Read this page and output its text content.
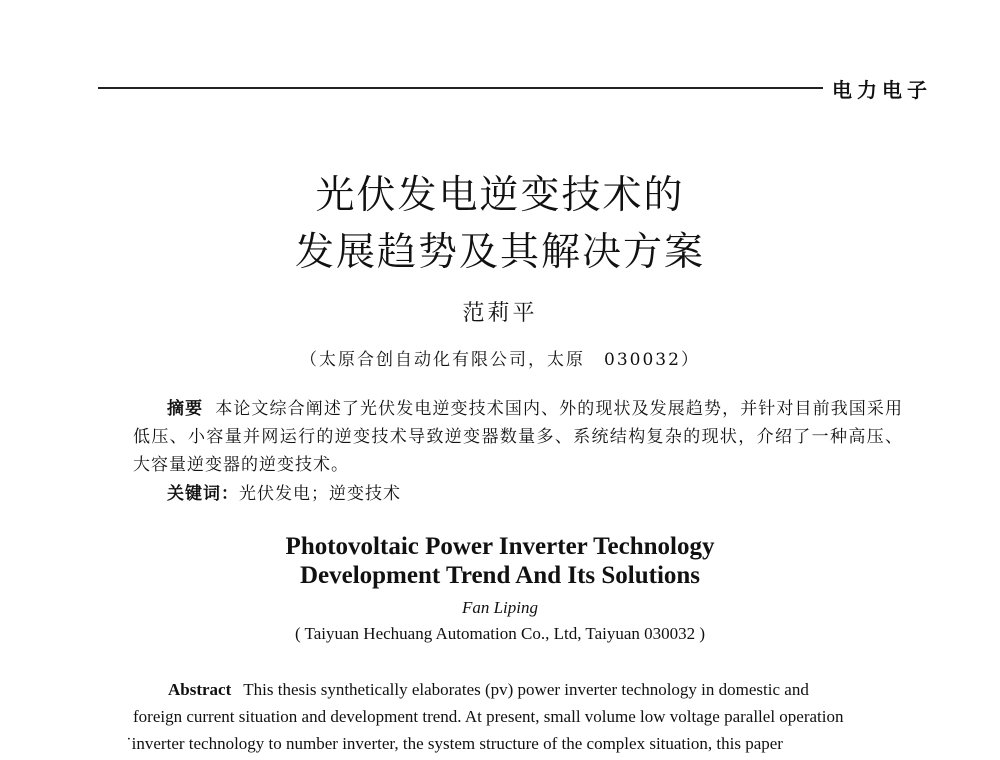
电力电子
光伏发电逆变技术的
发展趋势及其解决方案
范莉平
（太原合创自动化有限公司，太原　030032）

摘要 本论文综合阐述了光伏发电逆变技术国内、外的现状及发展趋势，并针对目前我国采用低压、小容量并网运行的逆变技术导致逆变器数量多、系统结构复杂的现状，介绍了一种高压、大容量逆变器的逆变技术。

关键词：光伏发电；逆变技术

Photovoltaic Power Inverter Technology
Development Trend And Its Solutions
Fan Liping
( Taiyuan Hechuang Automation Co., Ltd, Taiyuan 030032 )

Abstract This thesis synthetically elaborates (pv) power inverter technology in domestic and

foreign current situation and development trend. At present, small volume low voltage parallel operation

˙inverter technology to number inverter, the system structure of the complex situation, this paper
